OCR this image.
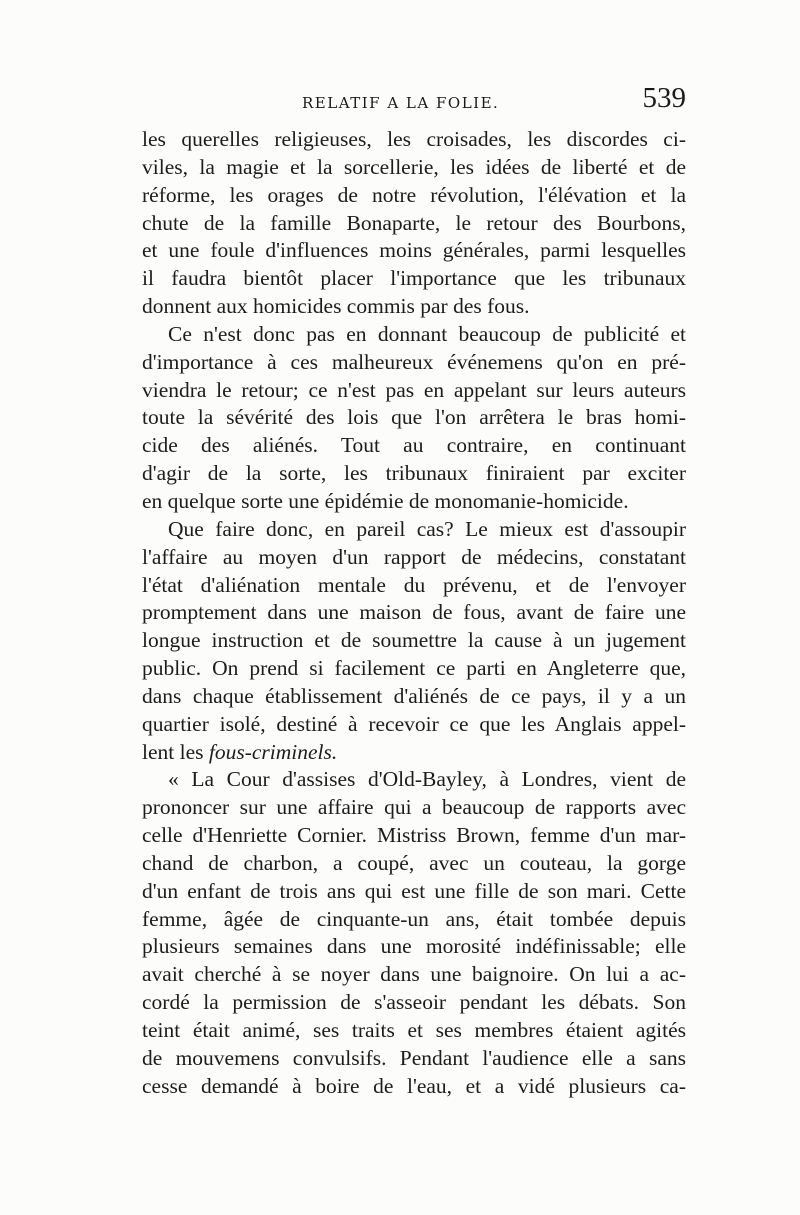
RELATIF A LA FOLIE.	539
les querelles religieuses, les croisades, les discordes ci-
viles, la magie et la sorcellerie, les idées de liberté et de
réforme, les orages de notre révolution, l'élévation et la
chute de la famille Bonaparte, le retour des Bourbons,
et une foule d'influences moins générales, parmi lesquelles
il faudra bientôt placer l'importance que les tribunaux
donnent aux homicides commis par des fous.
Ce n'est donc pas en donnant beaucoup de publicité et
d'importance à ces malheureux événemens qu'on en pré-
viendra le retour; ce n'est pas en appelant sur leurs auteurs
toute la sévérité des lois que l'on arrêtera le bras homi-
cide des aliénés. Tout au contraire, en continuant
d'agir de la sorte, les tribunaux finiraient par exciter
en quelque sorte une épidémie de monomanie-homicide.
Que faire donc, en pareil cas? Le mieux est d'assoupir
l'affaire au moyen d'un rapport de médecins, constatant
l'état d'aliénation mentale du prévenu, et de l'envoyer
promptement dans une maison de fous, avant de faire une
longue instruction et de soumettre la cause à un jugement
public. On prend si facilement ce parti en Angleterre que,
dans chaque établissement d'aliénés de ce pays, il y a un
quartier isolé, destiné à recevoir ce que les Anglais appel-
lent les fous-criminels.
« La Cour d'assises d'Old-Bayley, à Londres, vient de
prononcer sur une affaire qui a beaucoup de rapports avec
celle d'Henriette Cornier. Mistriss Brown, femme d'un mar-
chand de charbon, a coupé, avec un couteau, la gorge
d'un enfant de trois ans qui est une fille de son mari. Cette
femme, âgée de cinquante-un ans, était tombée depuis
plusieurs semaines dans une morosité indéfinissable; elle
avait cherché à se noyer dans une baignoire. On lui a ac-
cordé la permission de s'asseoir pendant les débats. Son
teint était animé, ses traits et ses membres étaient agités
de mouvemens convulsifs. Pendant l'audience elle a sans
cesse demandé à boire de l'eau, et a vidé plusieurs ca-
